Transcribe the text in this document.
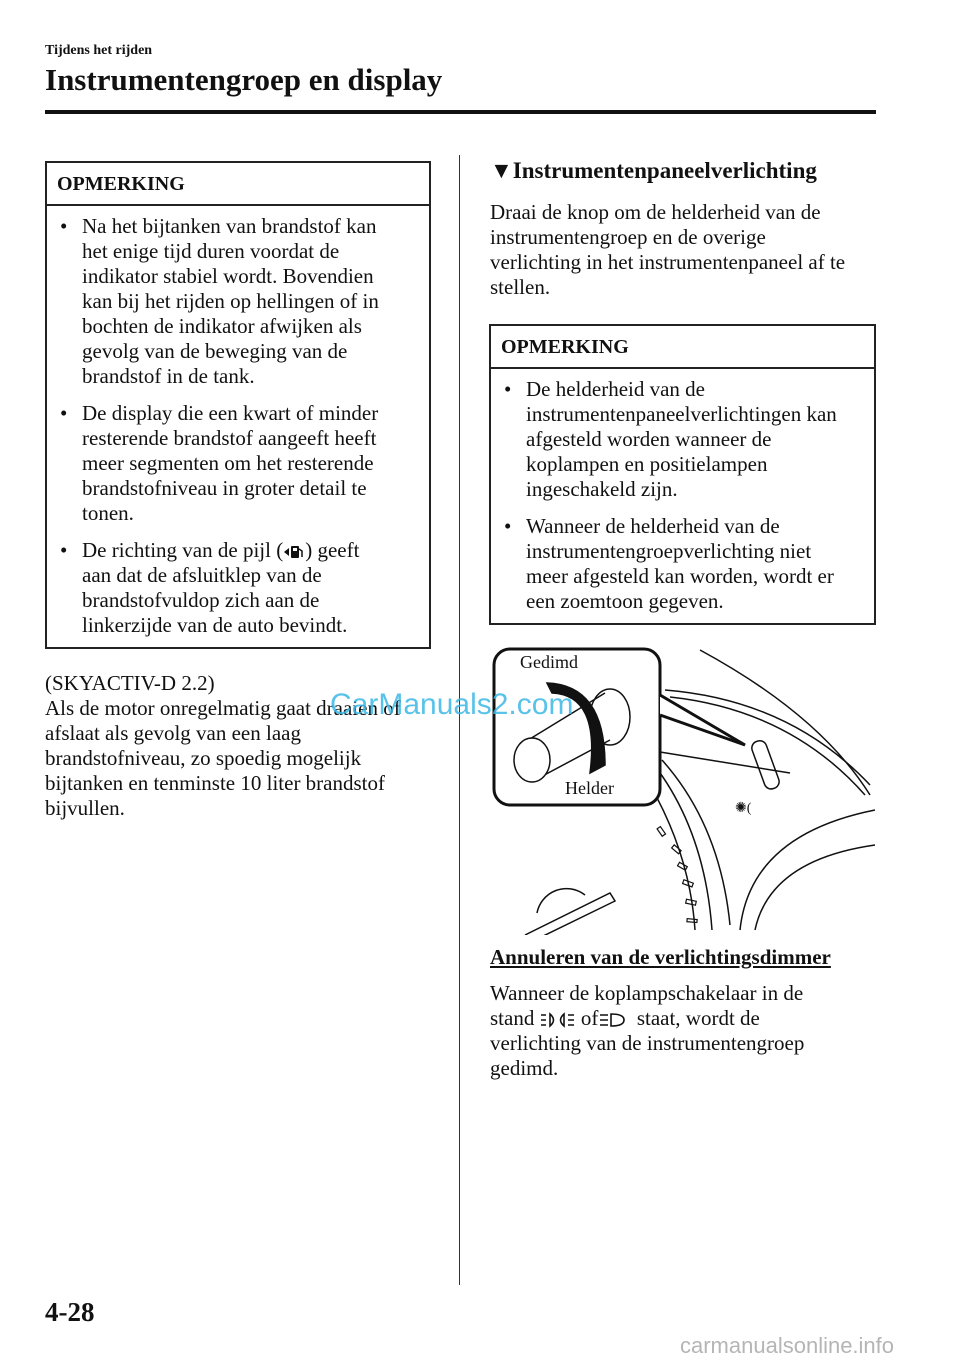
Tijdens het rijden
Instrumentengroep en display
OPMERKING
• Na het bijtanken van brandstof kan
het enige tijd duren voordat de
indikator stabiel wordt. Bovendien
kan bij het rijden op hellingen of in
bochten de indikator afwijken als
gevolg van de beweging van de
brandstof in de tank.
• De display die een kwart of minder
resterende brandstof aangeeft heeft
meer segmenten om het resterende
brandstofniveau in groter detail te
tonen.
• De richting van de pijl ( ) geeft
aan dat de afsluitklep van de
brandstofvuldop zich aan de
linkerzijde van de auto bevindt.
(SKYACTIV-D 2.2)
Als de motor onregelmatig gaat draaien of
afslaat als gevolg van een laag
brandstofniveau, zo spoedig mogelijk
bijtanken en tenminste 10 liter brandstof
bijvullen.
▼Instrumentenpaneelverlichting
Draai de knop om de helderheid van de
instrumentengroep en de overige
verlichting in het instrumentenpaneel af te
stellen.
OPMERKING
• De helderheid van de
instrumentenpaneelverlichtingen kan
afgesteld worden wanneer de
koplampen en positielampen
ingeschakeld zijn.
• Wanneer de helderheid van de
instrumentengroepverlichting niet
meer afgesteld kan worden, wordt er
een zoemtoon gegeven.
✺(
Gedimd
Helder
Annuleren van de verlichtingsdimmer
Wanneer de koplampschakelaar in de
stand of staat, wordt de
verlichting van de instrumentengroep
gedimd.
4-28
CarManuals2.com
carmanualsonline.info
